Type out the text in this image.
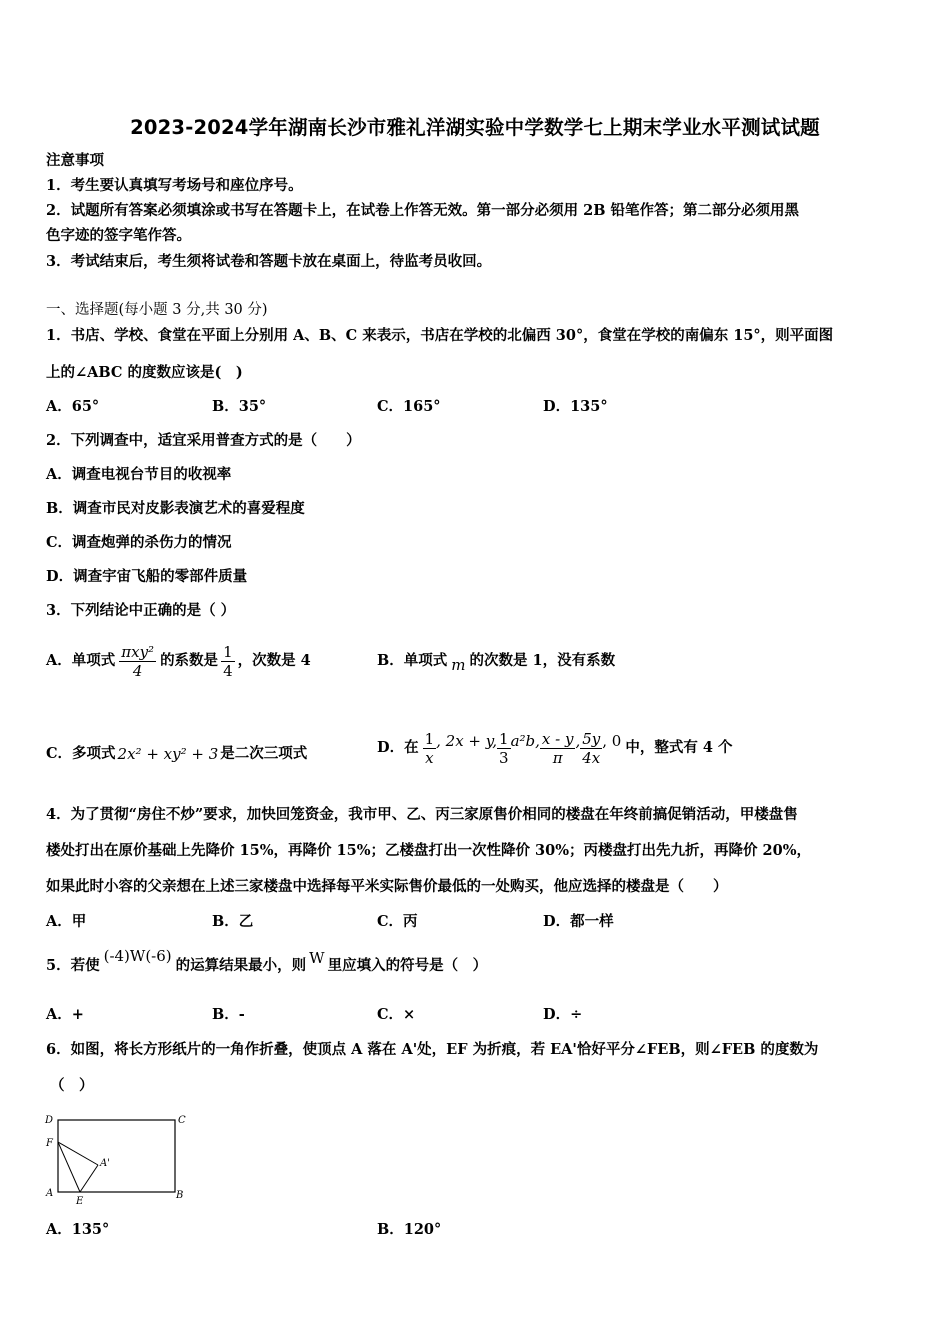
2023-2024学年湖南长沙市雅礼洋湖实验中学数学七上期末学业水平测试试题
注意事项
1．考生要认真填写考场号和座位序号。
2．试题所有答案必须填涂或书写在答题卡上，在试卷上作答无效。第一部分必须用 2B 铅笔作答；第二部分必须用黑
色字迹的签字笔作答。
3．考试结束后，考生须将试卷和答题卡放在桌面上，待监考员收回。
一、选择题(每小题 3 分,共 30 分)
1．书店、学校、食堂在平面上分别用 A、B、C 来表示，书店在学校的北偏西 30°，食堂在学校的南偏东 15°，则平面图
上的∠ABC 的度数应该是(　)
A．65°	B．35°	C．165°	D．135°
2．下列调查中，适宜采用普查方式的是（　　）
A．调查电视台节目的收视率
B．调查市民对皮影表演艺术的喜爱程度
C．调查炮弹的杀伤力的情况
D．调查宇宙飞船的零部件质量
3．下列结论中正确的是（ ）
A．单项式 $\frac{\text{πxy²}}{4}$ 的系数是 $\frac{1}{4}$ ，次数是 4	B．单项式 m 的次数是 1，没有系数
C．多项式 2x² + xy² + 3 是二次三项式	D．在 $\frac{1}{x}$ , 2x + y, $\frac{1}{3} a^2b$, $\frac{x - y}{\pi}$ , $\frac{5y}{4x}$ , 0 中，整式有 4 个
4．为了贯彻“房住不炒”要求，加快回笼资金，我市甲、乙、丙三家原售价相同的楼盘在年终前搞促销活动，甲楼盘售
楼处打出在原价基础上先降价 15%，再降价 15%；乙楼盘打出一次性降价 30%；丙楼盘打出先九折，再降价 20%，
如果此时小容的父亲想在上述三家楼盘中选择每平米实际售价最低的一处购买，他应选择的楼盘是（　　）
A．甲	B．乙	C．丙	D．都一样
5．若使
(-4)W(-6)
的运算结果最小，则 W 里应填入的符号是（　）
A．+	B．-	C．×	D．÷
6．如图，将长方形纸片的一角作折叠，使顶点 A 落在 A'处，EF 为折痕，若 EA'恰好平分∠FEB，则∠FEB 的度数为
（　）
D	C
F
A'
A
E
B
A．135°	B．120°
